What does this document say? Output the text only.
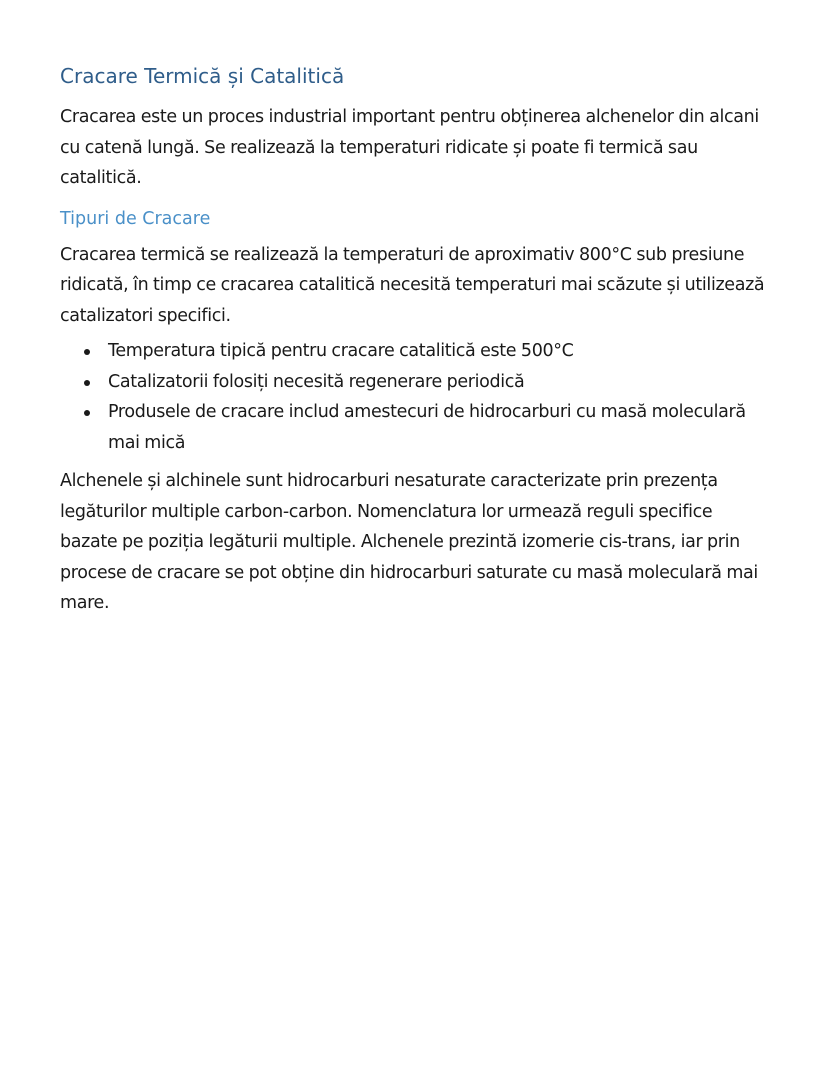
Cracare Termică și Catalitică

Cracarea este un proces industrial important pentru obținerea alchenelor din alcani cu catenă lungă. Se realizează la temperaturi ridicate și poate fi termică sau catalitică.

Tipuri de Cracare

Cracarea termică se realizează la temperaturi de aproximativ 800°C sub presiune ridicată, în timp ce cracarea catalitică necesită temperaturi mai scăzute și utilizează catalizatori specifici.

Temperatura tipică pentru cracare catalitică este 500°C
Catalizatorii folosiți necesită regenerare periodică
Produsele de cracare includ amestecuri de hidrocarburi cu masă moleculară mai mică

Alchenele și alchinele sunt hidrocarburi nesaturate caracterizate prin prezența legăturilor multiple carbon-carbon. Nomenclatura lor urmează reguli specifice bazate pe poziția legăturii multiple. Alchenele prezintă izomerie cis-trans, iar prin procese de cracare se pot obține din hidrocarburi saturate cu masă moleculară mai mare.
